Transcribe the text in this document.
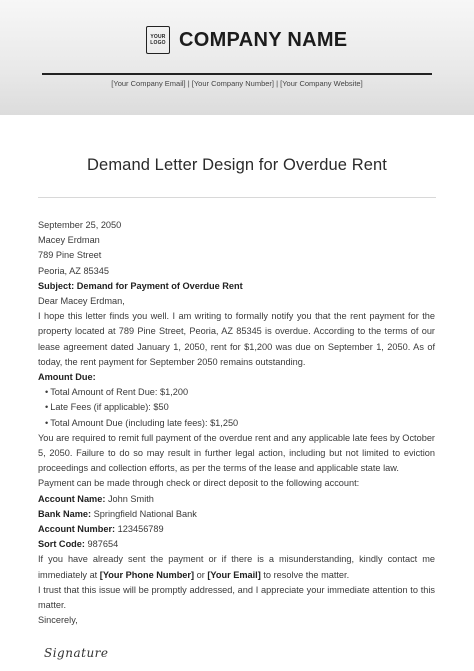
YOUR
LOGO COMPANY NAME
[Your Company Email] | [Your Company Number] | [Your Company Website]
Demand Letter Design for Overdue Rent

September 25, 2050

Macey Erdman

789 Pine Street

Peoria, AZ 85345

Subject: Demand for Payment of Overdue Rent

Dear Macey Erdman,

I hope this letter finds you well. I am writing to formally notify you that the rent payment for the property located at 789 Pine Street, Peoria, AZ 85345 is overdue. According to the terms of our lease agreement dated January 1, 2050, rent for $1,200 was due on September 1, 2050. As of today, the rent payment for September 2050 remains outstanding.

Amount Due:

• Total Amount of Rent Due: $1,200

• Late Fees (if applicable): $50

• Total Amount Due (including late fees): $1,250

You are required to remit full payment of the overdue rent and any applicable late fees by October 5, 2050. Failure to do so may result in further legal action, including but not limited to eviction proceedings and collection efforts, as per the terms of the lease and applicable state law.

Payment can be made through check or direct deposit to the following account:

Account Name: John Smith

Bank Name: Springfield National Bank

Account Number: 123456789

Sort Code: 987654

If you have already sent the payment or if there is a misunderstanding, kindly contact me immediately at [Your Phone Number] or [Your Email] to resolve the matter.

I trust that this issue will be promptly addressed, and I appreciate your immediate attention to this matter.

Sincerely,

Signature
